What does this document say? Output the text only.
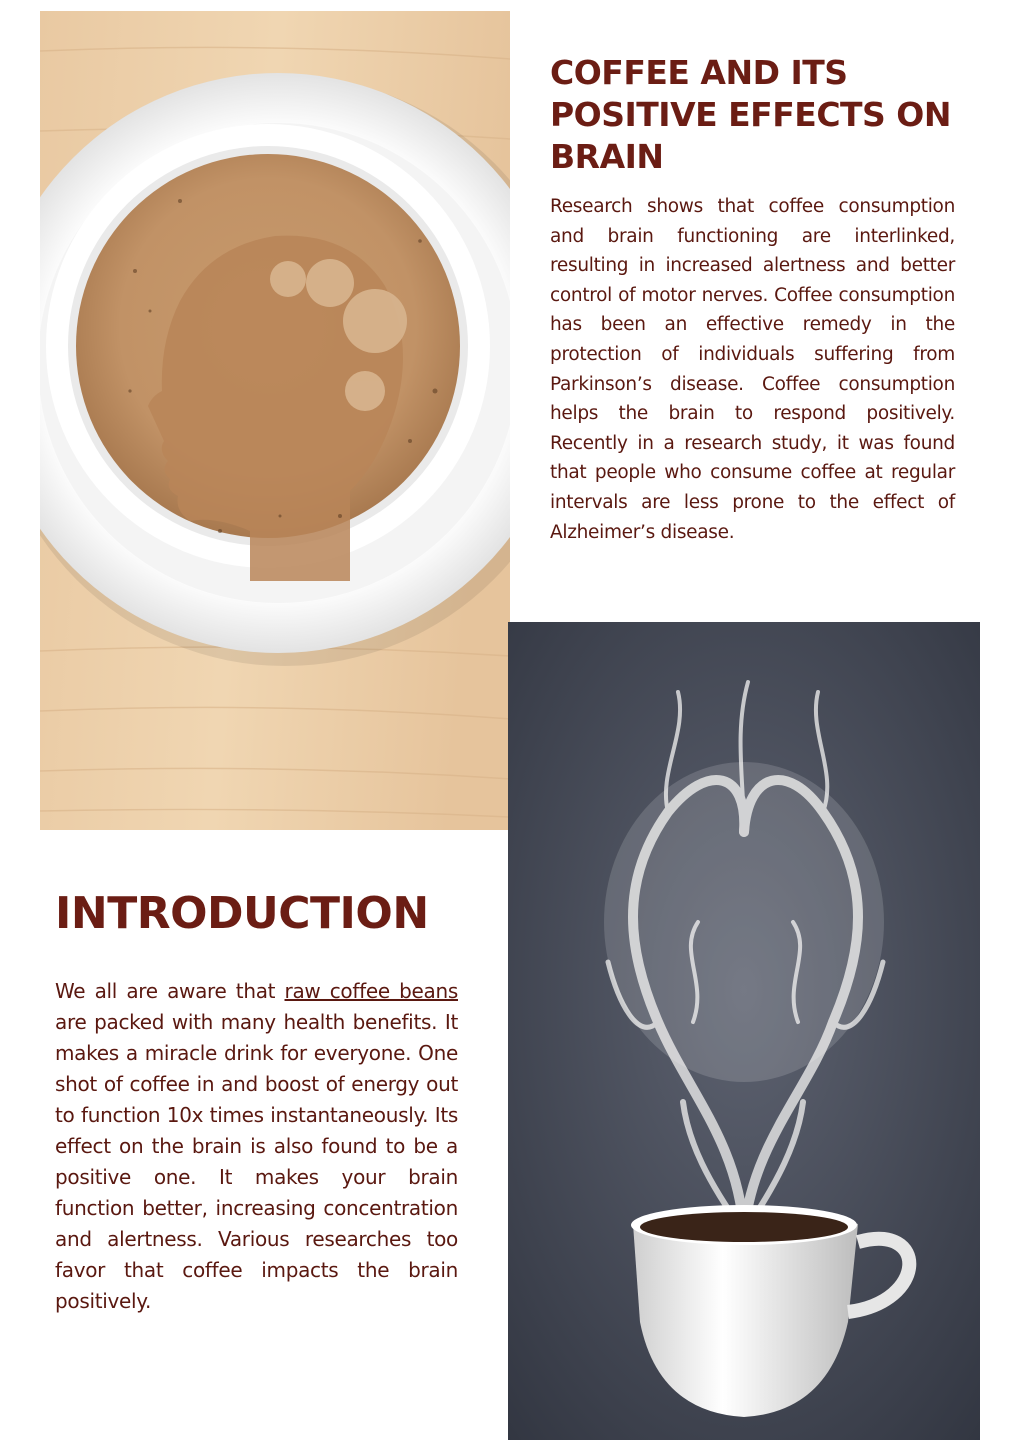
COFFEE AND ITS POSITIVE EFFECTS ON BRAIN

Research shows that coffee consumption and brain functioning are interlinked, resulting in increased alertness and better control of motor nerves. Coffee consumption has been an effective remedy in the protection of individuals suffering from Parkinson’s disease. Coffee consumption helps the brain to respond positively. Recently in a research study, it was found that people who consume coffee at regular intervals are less prone to the effect of Alzheimer’s disease.

INTRODUCTION

We all are aware that raw coffee beans are packed with many health benefits. It makes a miracle drink for everyone. One shot of coffee in and boost of energy out to function 10x times instantaneously. Its effect on the brain is also found to be a positive one. It makes your brain function better, increasing concentration and alertness. Various researches too favor that coffee impacts the brain positively.
